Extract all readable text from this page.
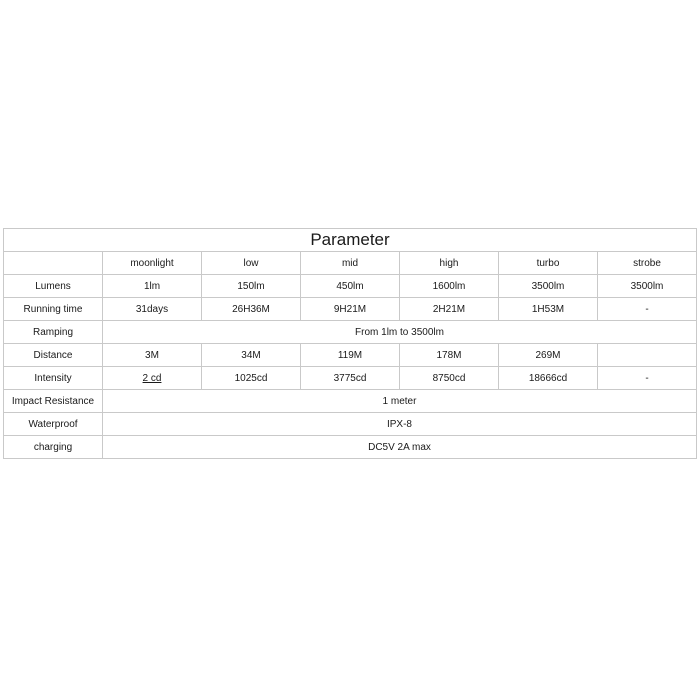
Parameter						
	moonlight	low	mid	high	turbo	strobe
Lumens	1lm	150lm	450lm	1600lm	3500lm	3500lm
Running time	31days	26H36M	9H21M	2H21M	1H53M	-
Ramping	From 1lm to 3500lm					
Distance	3M	34M	119M	178M	269M	
Intensity	2 cd	1025cd	3775cd	8750cd	18666cd	-
Impact Resistance	1 meter					
Waterproof	IPX-8					
charging	DC5V 2A max					
